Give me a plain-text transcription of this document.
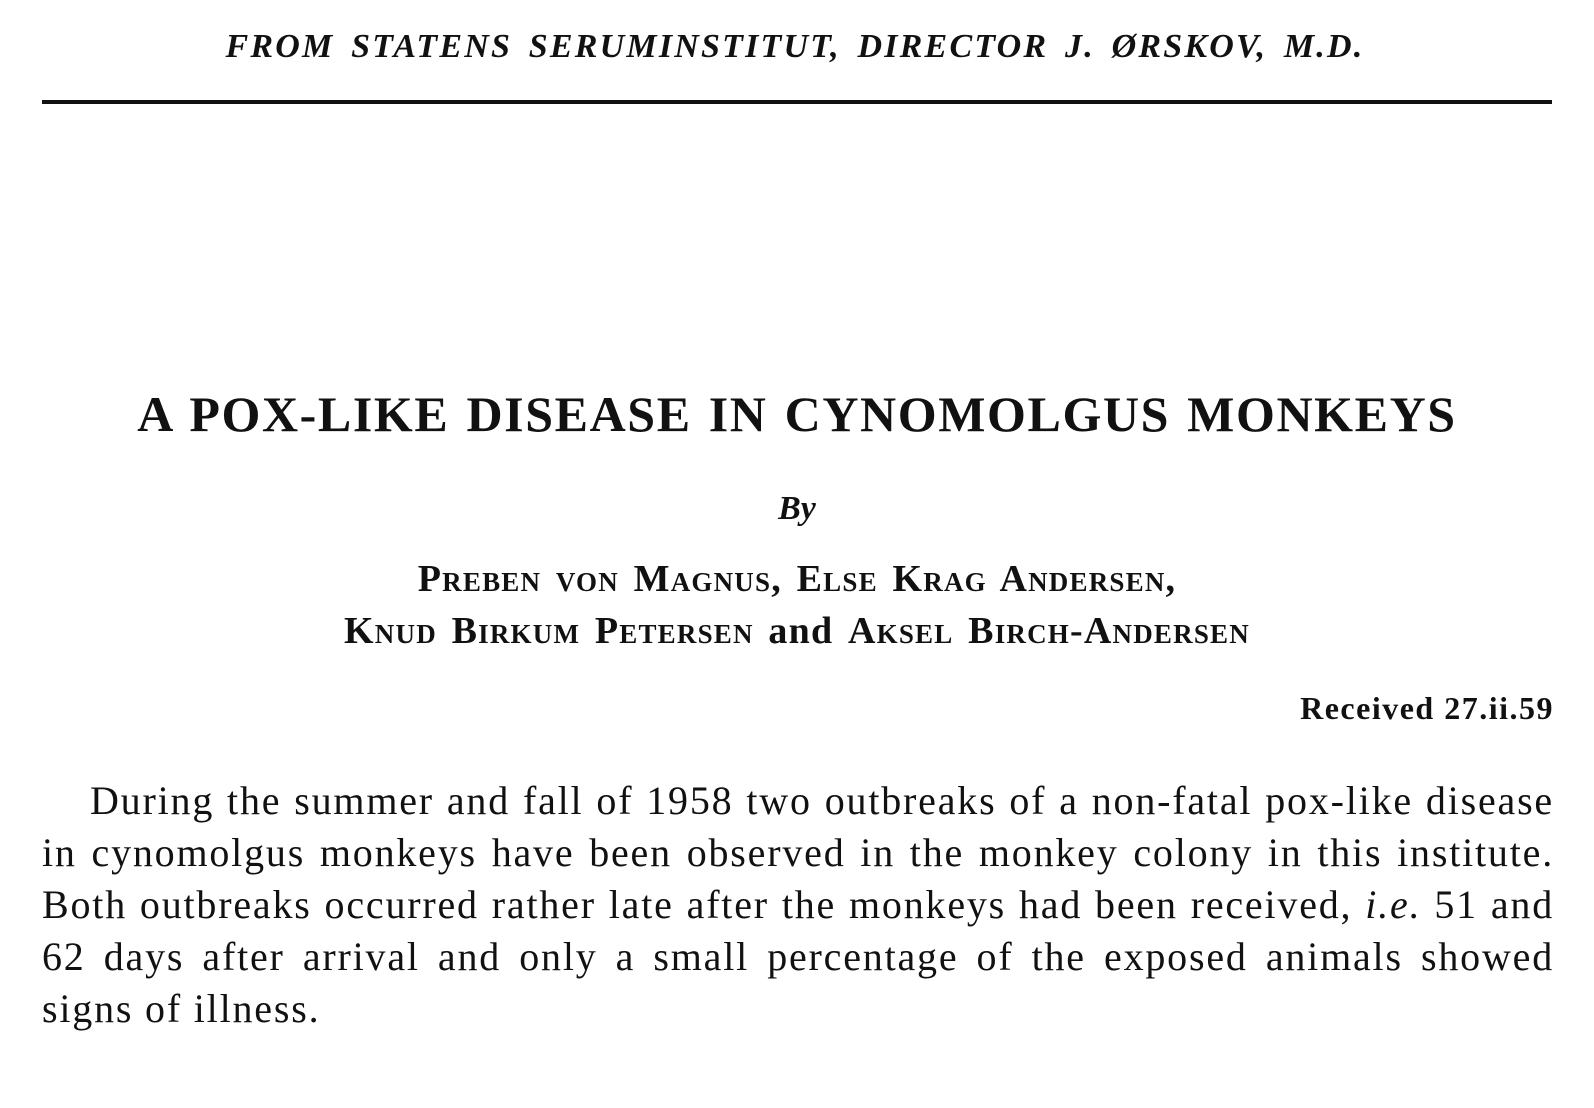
FROM STATENS SERUMINSTITUT, DIRECTOR J. ØRSKOV, M.D.
A POX-LIKE DISEASE IN CYNOMOLGUS MONKEYS
By
Preben von Magnus, Else Krag Andersen,
Knud Birkum Petersen and Aksel Birch-Andersen
Received 27.ii.59

During the summer and fall of 1958 two outbreaks of a non-fatal pox-like disease in cynomolgus monkeys have been observed in the monkey colony in this institute. Both outbreaks occurred rather late after the monkeys had been received, i.e. 51 and 62 days after arrival and only a small percentage of the exposed animals showed signs of illness.
